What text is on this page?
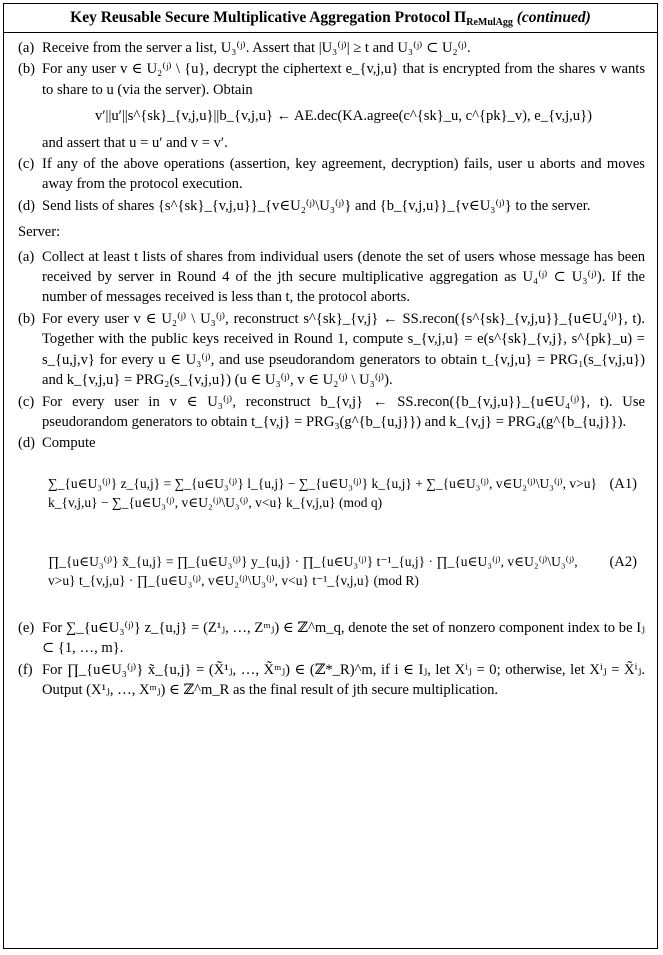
Key Reusable Secure Multiplicative Aggregation Protocol $\Pi_{ReMulAgg}$ (continued)
(a) Receive from the server a list, U₃⁽ʲ⁾. Assert that |U₃⁽ʲ⁾| ≥ t and U₃⁽ʲ⁾ ⊂ U₂⁽ʲ⁾.
(b) For any user v ∈ U₂⁽ʲ⁾ \ {u}, decrypt the ciphertext e_{v,j,u} that is encrypted from the shares v wants to share to u (via the server). Obtain
v′||u′||s^{sk}_{v,j,u}||b_{v,j,u} ← AE.dec(KA.agree(c^{sk}_u, c^{pk}_v), e_{v,j,u})
and assert that u = u′ and v = v′.
(c) If any of the above operations (assertion, key agreement, decryption) fails, user u aborts and moves away from the protocol execution.
(d) Send lists of shares {s^{sk}_{v,j,u}}_{v∈U₂⁽ʲ⁾\U₃⁽ʲ⁾} and {b_{v,j,u}}_{v∈U₃⁽ʲ⁾} to the server.
Server:
(a) Collect at least t lists of shares from individual users (denote the set of users whose message has been received by server in Round 4 of the jth secure multiplicative aggregation as U₄⁽ʲ⁾ ⊂ U₃⁽ʲ⁾). If the number of messages received is less than t, the protocol aborts.
(b) For every user v ∈ U₂⁽ʲ⁾ \ U₃⁽ʲ⁾, reconstruct s^{sk}_{v,j} ← SS.recon({s^{sk}_{v,j,u}}_{u∈U₄⁽ʲ⁾}, t). Together with the public keys received in Round 1, compute s_{v,j,u} = e(s^{sk}_{v,j}, s^{pk}_u) = s_{u,j,v} for every u ∈ U₃⁽ʲ⁾, and use pseudorandom generators to obtain t_{v,j,u} = PRG₁(s_{v,j,u}) and k_{v,j,u} = PRG₂(s_{v,j,u}) (u ∈ U₃⁽ʲ⁾, v ∈ U₂⁽ʲ⁾ \ U₃⁽ʲ⁾).
(c) For every user in v ∈ U₃⁽ʲ⁾, reconstruct b_{v,j} ← SS.recon({b_{v,j,u}}_{u∈U₄⁽ʲ⁾}, t). Use pseudorandom generators to obtain t_{v,j} = PRG₃(g^{b_{u,j}}) and k_{v,j} = PRG₄(g^{b_{u,j}}).
(d) Compute
∑_{u∈U₃⁽ʲ⁾} z_{u,j} = ∑_{u∈U₃⁽ʲ⁾} l_{u,j} − ∑_{u∈U₃⁽ʲ⁾} k_{u,j} + ∑_{u∈U₃⁽ʲ⁾, v∈U₂⁽ʲ⁾\U₃⁽ʲ⁾, v>u} k_{v,j,u} − ∑_{u∈U₃⁽ʲ⁾, v∈U₂⁽ʲ⁾\U₃⁽ʲ⁾, v<u} k_{v,j,u} (mod q)
(A1)
∏_{u∈U₃⁽ʲ⁾} x̃_{u,j} = ∏_{u∈U₃⁽ʲ⁾} y_{u,j} · ∏_{u∈U₃⁽ʲ⁾} t⁻¹_{u,j} · ∏_{u∈U₃⁽ʲ⁾, v∈U₂⁽ʲ⁾\U₃⁽ʲ⁾, v>u} t_{v,j,u} · ∏_{u∈U₃⁽ʲ⁾, v∈U₂⁽ʲ⁾\U₃⁽ʲ⁾, v<u} t⁻¹_{v,j,u} (mod R)
(A2)
(e) For ∑_{u∈U₃⁽ʲ⁾} z_{u,j} = (Z¹ⱼ, …, Zᵐⱼ) ∈ ℤ^m_q, denote the set of nonzero component index to be Iⱼ ⊂ {1, …, m}.
(f) For ∏_{u∈U₃⁽ʲ⁾} x̃_{u,j} = (X̃¹ⱼ, …, X̃ᵐⱼ) ∈ (ℤ*_R)^m, if i ∈ Iⱼ, let Xⁱⱼ = 0; otherwise, let Xⁱⱼ = X̃ⁱⱼ. Output (X¹ⱼ, …, Xᵐⱼ) ∈ ℤ^m_R as the final result of jth secure multiplication.
